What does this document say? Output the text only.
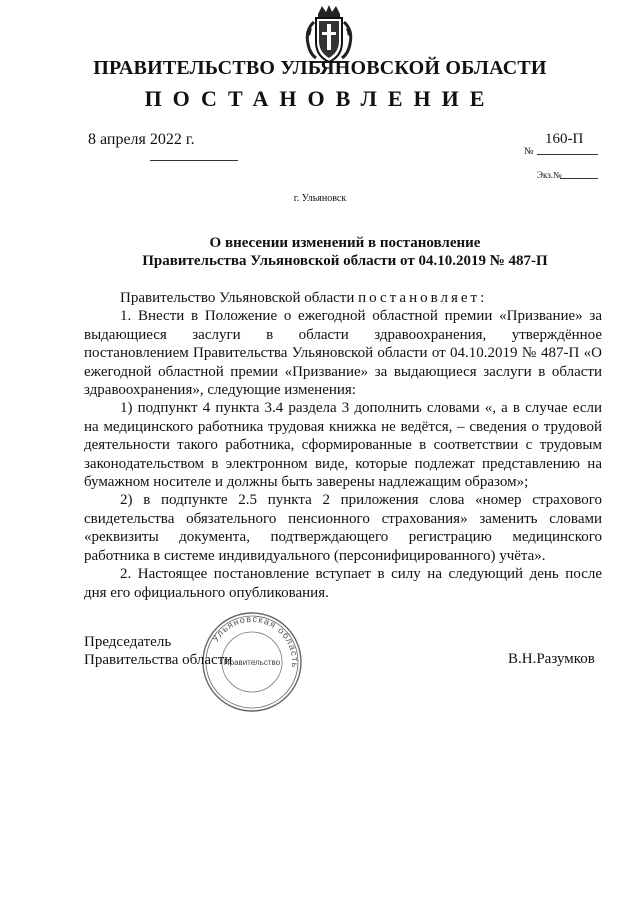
ПРАВИТЕЛЬСТВО УЛЬЯНОВСКОЙ ОБЛАСТИ
ПОСТАНОВЛЕНИЕ
8 апреля 2022 г.	160-П
№
Экз.№
г. Ульяновск
О внесении изменений в постановление
Правительства Ульяновской области от 04.10.2019 № 487-П

Правительство Ульяновской области постановляет:

1. Внести в Положение о ежегодной областной премии «Призвание» за выдающиеся заслуги в области здравоохранения, утверждённое постановлением Правительства Ульяновской области от 04.10.2019 № 487-П «О ежегодной областной премии «Призвание» за выдающиеся заслуги в области здравоохранения», следующие изменения:

1) подпункт 4 пункта 3.4 раздела 3 дополнить словами «, а в случае если на медицинского работника трудовая книжка не ведётся, – сведения о трудовой деятельности такого работника, сформированные в соответствии с трудовым законодательством в электронном виде, которые подлежат представлению на бумажном носителе и должны быть заверены надлежащим образом»;

2) в подпункте 2.5 пункта 2 приложения слова «номер страхового свидетельства обязательного пенсионного страхования» заменить словами «реквизиты документа, подтверждающего регистрацию медицинского работника в системе индивидуального (персонифицированного) учёта».

2. Настоящее постановление вступает в силу на следующий день после дня его официального опубликования.

Ульяновская область
Правительство
Председатель
Правительства области	В.Н.Разумков
